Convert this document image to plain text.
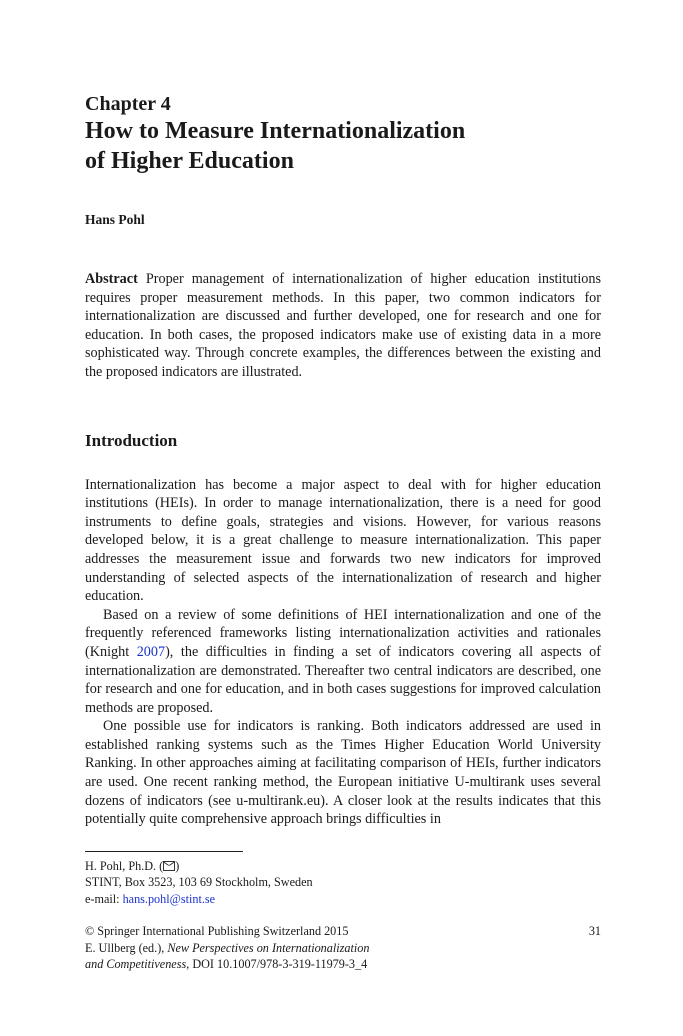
Chapter 4
How to Measure Internationalization
of Higher Education
Hans Pohl
Abstract Proper management of internationalization of higher education institutions requires proper measurement methods. In this paper, two common indicators for internationalization are discussed and further developed, one for research and one for education. In both cases, the proposed indicators make use of existing data in a more sophisticated way. Through concrete examples, the differences between the existing and the proposed indicators are illustrated.
Introduction

Internationalization has become a major aspect to deal with for higher education institutions (HEIs). In order to manage internationalization, there is a need for good instruments to define goals, strategies and visions. However, for various reasons developed below, it is a great challenge to measure internationalization. This paper addresses the measurement issue and forwards two new indicators for improved understanding of selected aspects of the internationalization of research and higher education.

Based on a review of some definitions of HEI internationalization and one of the frequently referenced frameworks listing internationalization activities and rationales (Knight 2007), the difficulties in finding a set of indicators covering all aspects of internationalization are demonstrated. Thereafter two central indicators are described, one for research and one for education, and in both cases suggestions for improved calculation methods are proposed.

One possible use for indicators is ranking. Both indicators addressed are used in established ranking systems such as the Times Higher Education World University Ranking. In other approaches aiming at facilitating comparison of HEIs, further indicators are used. One recent ranking method, the European initiative U-multirank uses several dozens of indicators (see u-multirank.eu). A closer look at the results indicates that this potentially quite comprehensive approach brings difficulties in

H. Pohl, Ph.D. ( )
STINT, Box 3523, 103 69 Stockholm, Sweden
e-mail: hans.pohl@stint.se
© Springer International Publishing Switzerland 2015	31
E. Ullberg (ed.), New Perspectives on Internationalization
and Competitiveness, DOI 10.1007/978-3-319-11979-3_4
